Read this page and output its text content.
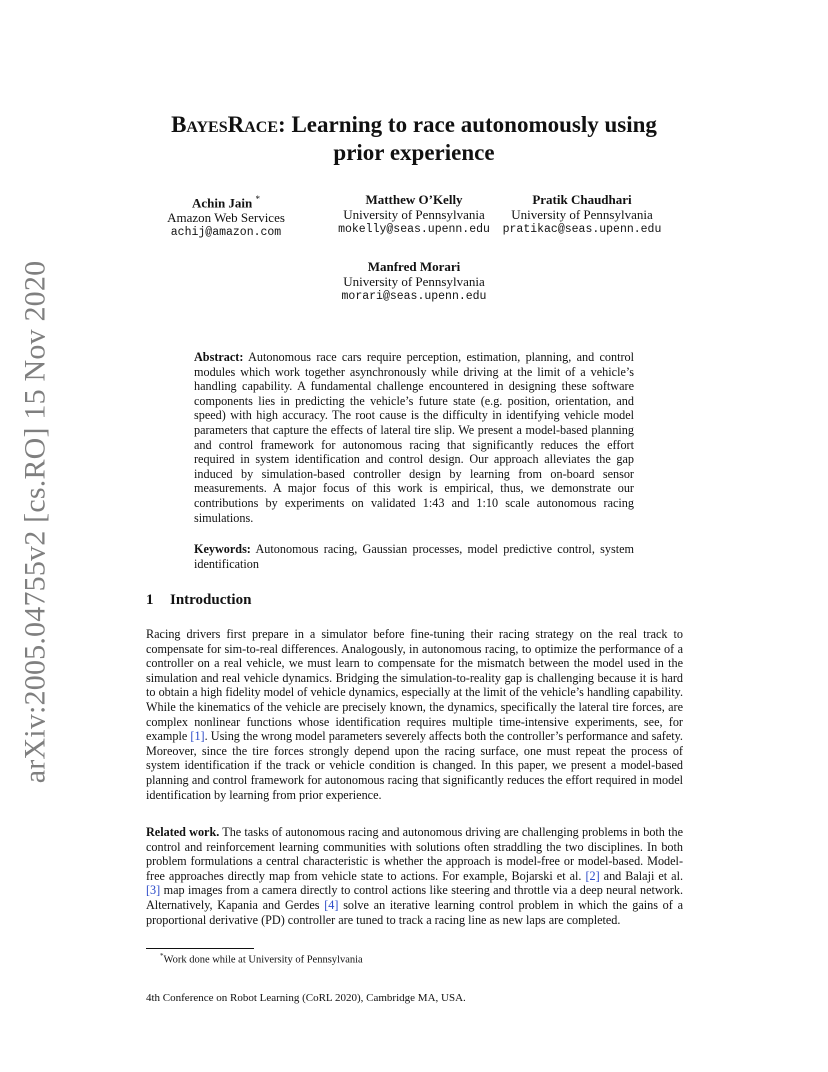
arXiv:2005.04755v2 [cs.RO] 15 Nov 2020
BayesRace: Learning to race autonomously using
prior experience
Achin Jain *
Amazon Web Services
achij@amazon.com
Matthew O’Kelly
University of Pennsylvania
mokelly@seas.upenn.edu
Pratik Chaudhari
University of Pennsylvania
pratikac@seas.upenn.edu
Manfred Morari
University of Pennsylvania
morari@seas.upenn.edu
Abstract: Autonomous race cars require perception, estimation, planning, and control modules which work together asynchronously while driving at the limit of a vehicle’s handling capability. A fundamental challenge encountered in designing these software components lies in predicting the vehicle’s future state (e.g. position, orientation, and speed) with high accuracy. The root cause is the difficulty in identifying vehicle model parameters that capture the effects of lateral tire slip. We present a model-based planning and control framework for autonomous racing that significantly reduces the effort required in system identification and control design. Our approach alleviates the gap induced by simulation-based controller design by learning from on-board sensor measurements. A major focus of this work is empirical, thus, we demonstrate our contributions by experiments on validated 1:43 and 1:10 scale autonomous racing simulations.
Keywords: Autonomous racing, Gaussian processes, model predictive control, system identification
1 Introduction
Racing drivers first prepare in a simulator before fine-tuning their racing strategy on the real track to compensate for sim-to-real differences. Analogously, in autonomous racing, to optimize the performance of a controller on a real vehicle, we must learn to compensate for the mismatch between the model used in the simulation and real vehicle dynamics. Bridging the simulation-to-reality gap is challenging because it is hard to obtain a high fidelity model of vehicle dynamics, especially at the limit of the vehicle’s handling capability. While the kinematics of the vehicle are precisely known, the dynamics, specifically the lateral tire forces, are complex nonlinear functions whose identification requires multiple time-intensive experiments, see, for example [1]. Using the wrong model parameters severely affects both the controller’s performance and safety. Moreover, since the tire forces strongly depend upon the racing surface, one must repeat the process of system identification if the track or vehicle condition is changed. In this paper, we present a model-based planning and control framework for autonomous racing that significantly reduces the effort required in model identification by learning from prior experience.
Related work. The tasks of autonomous racing and autonomous driving are challenging problems in both the control and reinforcement learning communities with solutions often straddling the two disciplines. In both problem formulations a central characteristic is whether the approach is model-free or model-based. Model-free approaches directly map from vehicle state to actions. For example, Bojarski et al. [2] and Balaji et al. [3] map images from a camera directly to control actions like steering and throttle via a deep neural network. Alternatively, Kapania and Gerdes [4] solve an iterative learning control problem in which the gains of a proportional derivative (PD) controller are tuned to track a racing line as new laps are completed.
*Work done while at University of Pennsylvania
4th Conference on Robot Learning (CoRL 2020), Cambridge MA, USA.
